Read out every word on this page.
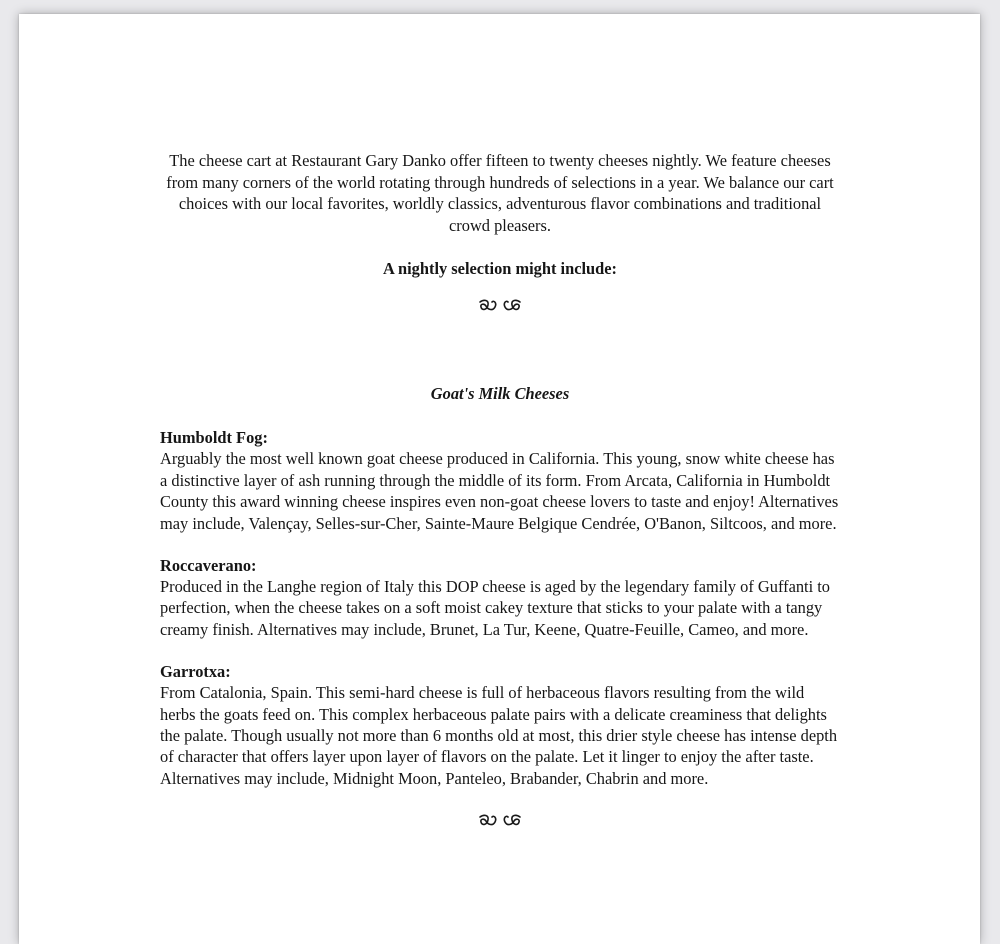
The cheese cart at Restaurant Gary Danko offer fifteen to twenty cheeses nightly. We feature cheeses from many corners of the world rotating through hundreds of selections in a year. We balance our cart choices with our local favorites, worldly classics, adventurous flavor combinations and traditional crowd pleasers.

A nightly selection might include:

Goat's Milk Cheeses

Humboldt Fog:

Arguably the most well known goat cheese produced in California. This young, snow white cheese has a distinctive layer of ash running through the middle of its form. From Arcata, California in Humboldt County this award winning cheese inspires even non-goat cheese lovers to taste and enjoy! Alternatives may include, Valençay, Selles-sur-Cher, Sainte-Maure Belgique Cendrée, O'Banon, Siltcoos, and more.

Roccaverano:

Produced in the Langhe region of Italy this DOP cheese is aged by the legendary family of Guffanti to perfection, when the cheese takes on a soft moist cakey texture that sticks to your palate with a tangy creamy finish. Alternatives may include, Brunet, La Tur, Keene, Quatre-Feuille, Cameo, and more.

Garrotxa:

From Catalonia, Spain. This semi-hard cheese is full of herbaceous flavors resulting from the wild herbs the goats feed on. This complex herbaceous palate pairs with a delicate creaminess that delights the palate. Though usually not more than 6 months old at most, this drier style cheese has intense depth of character that offers layer upon layer of flavors on the palate. Let it linger to enjoy the after taste. Alternatives may include, Midnight Moon, Panteleo, Brabander, Chabrin and more.
